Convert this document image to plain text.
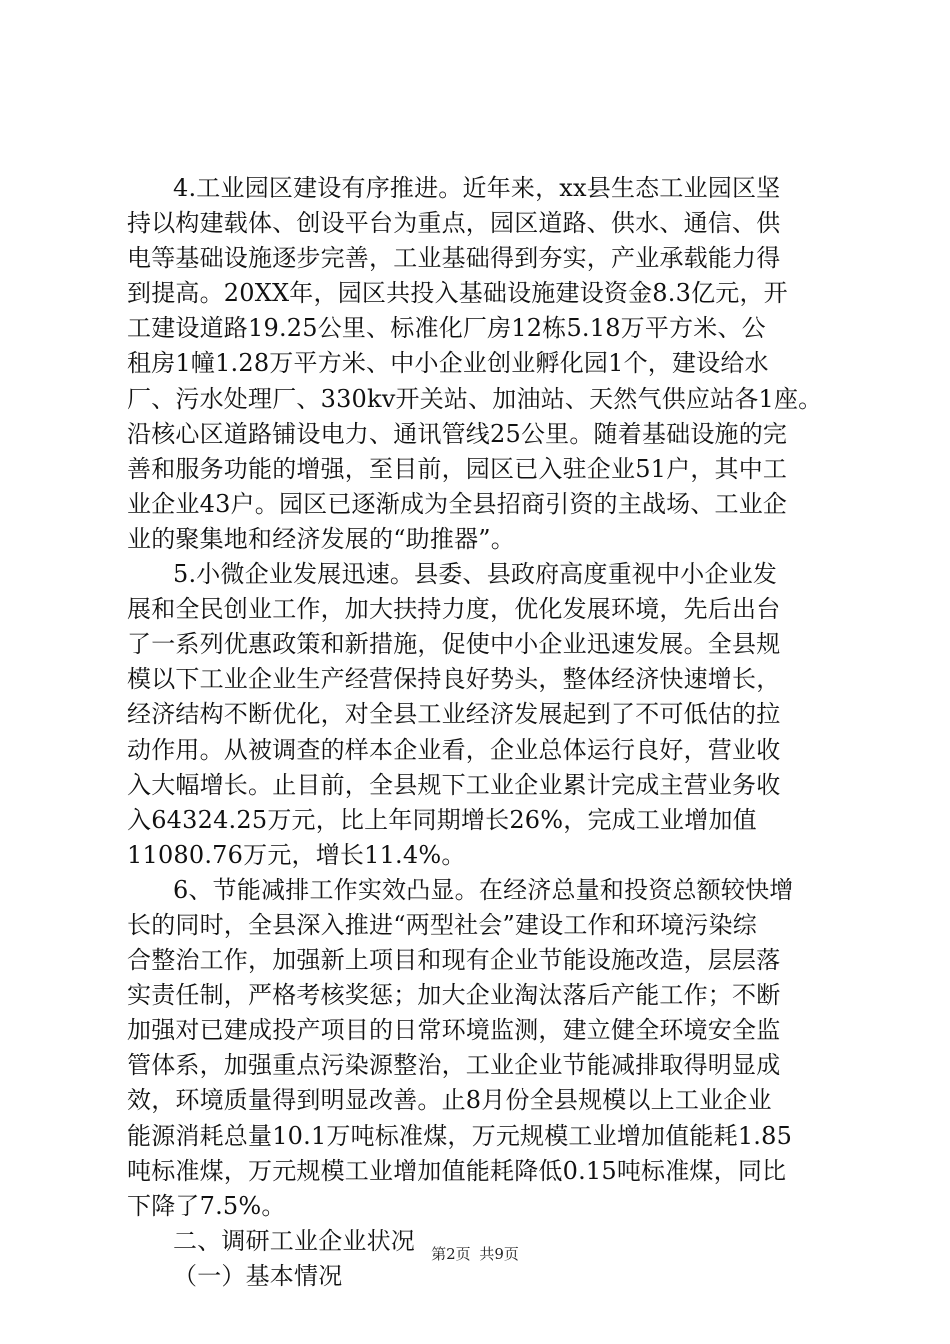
4.工业园区建设有序推进。近年来，xx县生态工业园区坚
持以构建载体、创设平台为重点，园区道路、供水、通信、供
电等基础设施逐步完善，工业基础得到夯实，产业承载能力得
到提高。20XX年，园区共投入基础设施建设资金8.3亿元，开
工建设道路19.25公里、标准化厂房12栋5.18万平方米、公
租房1幢1.28万平方米、中小企业创业孵化园1个，建设给水
厂、污水处理厂、330kv开关站、加油站、天然气供应站各1座。
沿核心区道路铺设电力、通讯管线25公里。随着基础设施的完
善和服务功能的增强，至目前，园区已入驻企业51户，其中工
业企业43户。园区已逐渐成为全县招商引资的主战场、工业企
业的聚集地和经济发展的“助推器”。
5.小微企业发展迅速。县委、县政府高度重视中小企业发
展和全民创业工作，加大扶持力度，优化发展环境，先后出台
了一系列优惠政策和新措施，促使中小企业迅速发展。全县规
模以下工业企业生产经营保持良好势头，整体经济快速增长，
经济结构不断优化，对全县工业经济发展起到了不可低估的拉
动作用。从被调查的样本企业看，企业总体运行良好，营业收
入大幅增长。止目前，全县规下工业企业累计完成主营业务收
入64324.25万元，比上年同期增长26%，完成工业增加值
11080.76万元，增长11.4%。
6、节能减排工作实效凸显。在经济总量和投资总额较快增
长的同时，全县深入推进“两型社会”建设工作和环境污染综
合整治工作，加强新上项目和现有企业节能设施改造，层层落
实责任制，严格考核奖惩；加大企业淘汰落后产能工作；不断
加强对已建成投产项目的日常环境监测，建立健全环境安全监
管体系，加强重点污染源整治，工业企业节能减排取得明显成
效，环境质量得到明显改善。止8月份全县规模以上工业企业
能源消耗总量10.1万吨标准煤，万元规模工业增加值能耗1.85
吨标准煤，万元规模工业增加值能耗降低0.15吨标准煤，同比
下降了7.5%。
二、调研工业企业状况
（一）基本情况
第2页 共9页
